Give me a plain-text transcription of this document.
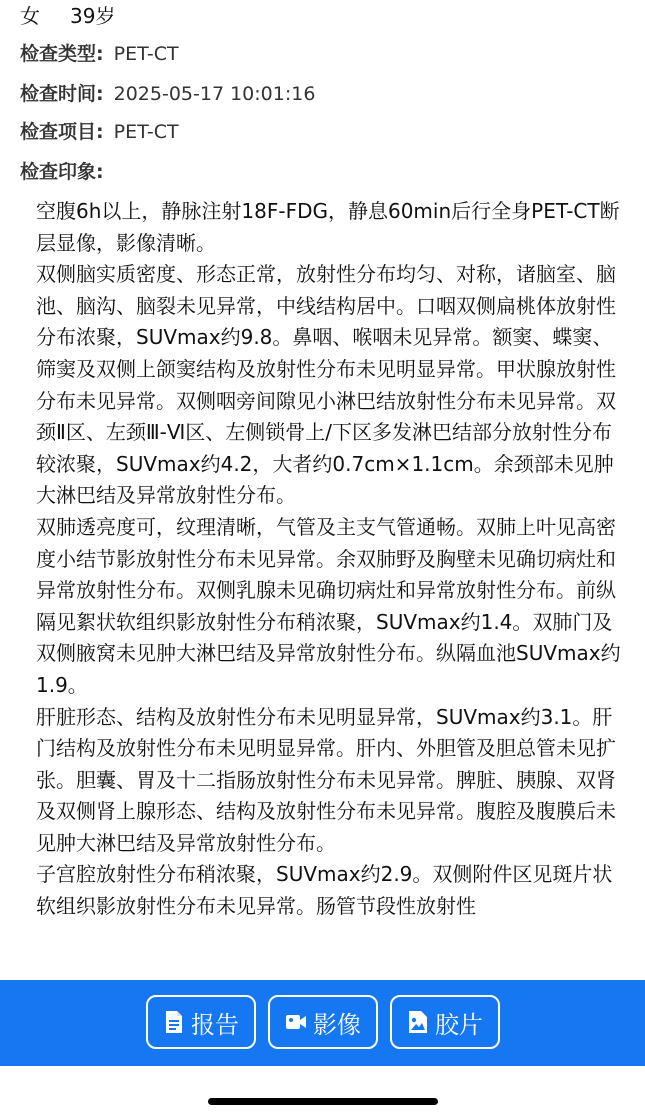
女 39岁
检查类型: PET-CT
检查时间: 2025-05-17 10:01:16
检查项目: PET-CT
检查印象:

空腹6h以上，静脉注射18F-FDG，静息60min后行全身PET-CT断层显像，影像清晰。

双侧脑实质密度、形态正常，放射性分布均匀、对称，诸脑室、脑池、脑沟、脑裂未见异常，中线结构居中。口咽双侧扁桃体放射性分布浓聚，SUVmax约9.8。鼻咽、喉咽未见异常。额窦、蝶窦、筛窦及双侧上颌窦结构及放射性分布未见明显异常。甲状腺放射性分布未见异常。双侧咽旁间隙见小淋巴结放射性分布未见异常。双颈Ⅱ区、左颈Ⅲ-Ⅵ区、左侧锁骨上/下区多发淋巴结部分放射性分布较浓聚，SUVmax约4.2，大者约0.7cm×1.1cm。余颈部未见肿大淋巴结及异常放射性分布。

双肺透亮度可，纹理清晰，气管及主支气管通畅。双肺上叶见高密度小结节影放射性分布未见异常。余双肺野及胸壁未见确切病灶和异常放射性分布。双侧乳腺未见确切病灶和异常放射性分布。前纵隔见絮状软组织影放射性分布稍浓聚，SUVmax约1.4。双肺门及双侧腋窝未见肿大淋巴结及异常放射性分布。纵隔血池SUVmax约1.9。

肝脏形态、结构及放射性分布未见明显异常，SUVmax约3.1。肝门结构及放射性分布未见明显异常。肝内、外胆管及胆总管未见扩张。胆囊、胃及十二指肠放射性分布未见异常。脾脏、胰腺、双肾及双侧肾上腺形态、结构及放射性分布未见异常。腹腔及腹膜后未见肿大淋巴结及异常放射性分布。

子宫腔放射性分布稍浓聚，SUVmax约2.9。双侧附件区见斑片状软组织影放射性分布未见异常。肠管节段性放射性

报告	影像	胶片
